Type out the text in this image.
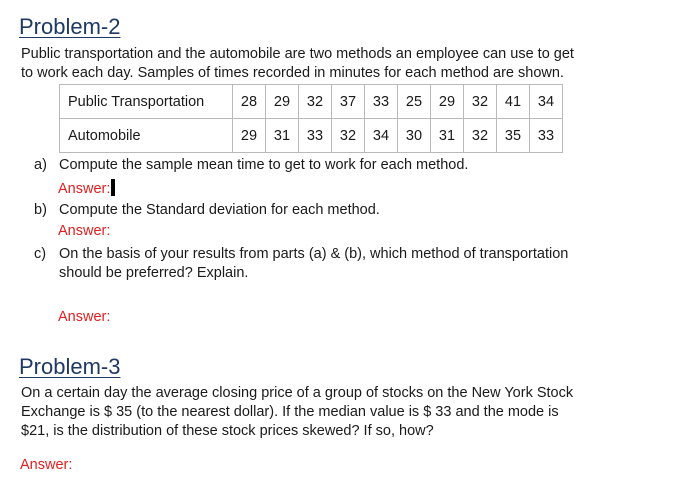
Problem-2

Public transportation and the automobile are two methods an employee can use to get
to work each day. Samples of times recorded in minutes for each method are shown.

Public Transportation	28	29	32	37	33	25	29	32	41	34
Automobile	29	31	33	32	34	30	31	32	35	33
a) Compute the sample mean time to get to work for each method.
Answer:
b) Compute the Standard deviation for each method.
Answer:
c) On the basis of your results from parts (a) & (b), which method of transportation
should be preferred? Explain.
Answer:
Problem-3

On a certain day the average closing price of a group of stocks on the New York Stock
Exchange is $ 35 (to the nearest dollar). If the median value is $ 33 and the mode is
$21, is the distribution of these stock prices skewed? If so, how?

Answer:
